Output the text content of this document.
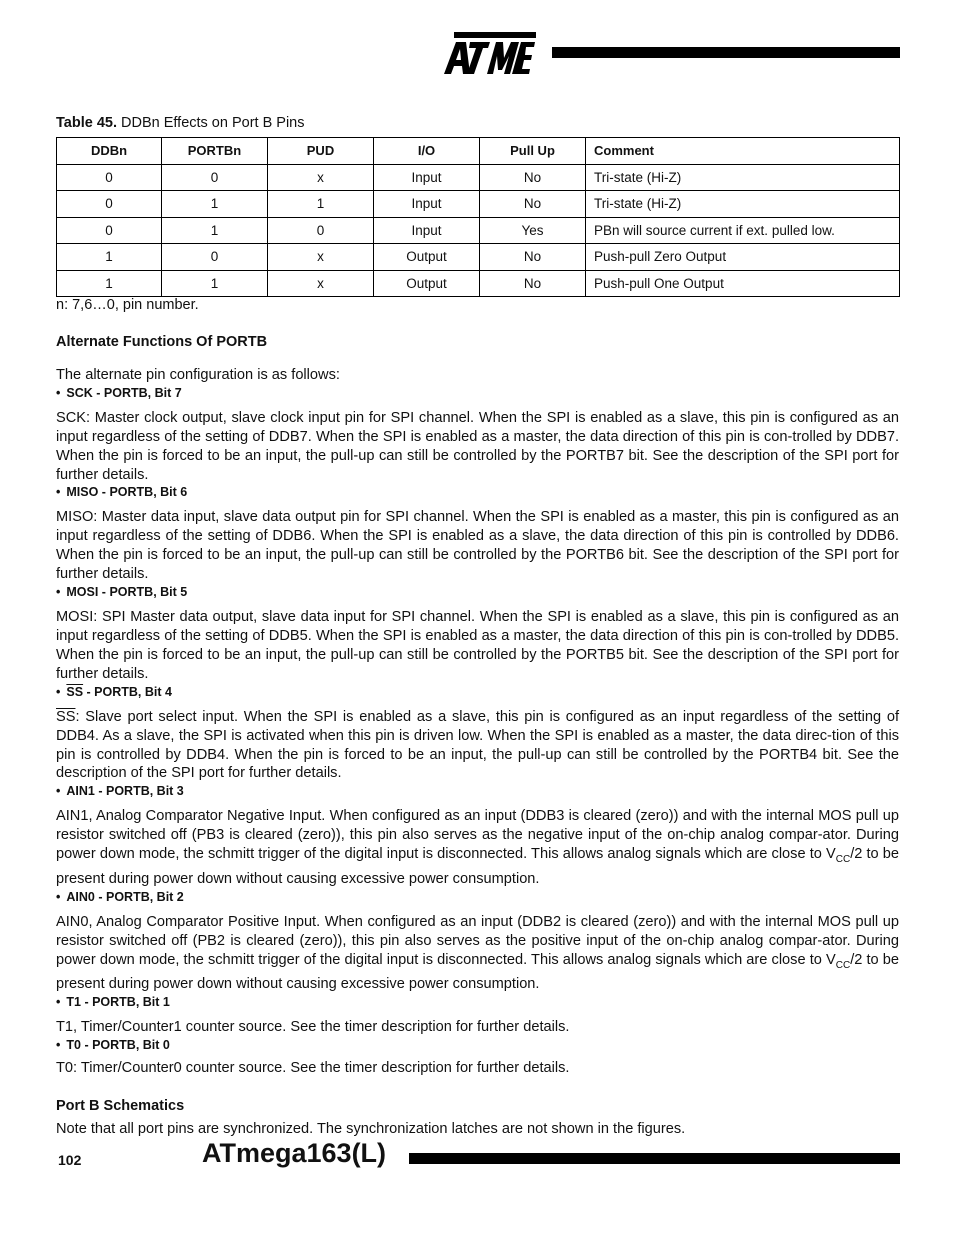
Table 45. DDBn Effects on Port B Pins
DDBn	PORTBn	PUD	I/O	Pull Up	Comment
0	0	x	Input	No	Tri-state (Hi-Z)
0	1	1	Input	No	Tri-state (Hi-Z)
0	1	0	Input	Yes	PBn will source current if ext. pulled low.
1	0	x	Output	No	Push-pull Zero Output
1	1	x	Output	No	Push-pull One Output
n: 7,6…0, pin number.
Alternate Functions Of PORTB

The alternate pin configuration is as follows:

• SCK - PORTB, Bit 7

SCK: Master clock output, slave clock input pin for SPI channel. When the SPI is enabled as a slave, this pin is configured as an input regardless of the setting of DDB7. When the SPI is enabled as a master, the data direction of this pin is con-trolled by DDB7. When the pin is forced to be an input, the pull-up can still be controlled by the PORTB7 bit. See the description of the SPI port for further details.

• MISO - PORTB, Bit 6

MISO: Master data input, slave data output pin for SPI channel. When the SPI is enabled as a master, this pin is configured as an input regardless of the setting of DDB6. When the SPI is enabled as a slave, the data direction of this pin is controlled by DDB6. When the pin is forced to be an input, the pull-up can still be controlled by the PORTB6 bit. See the description of the SPI port for further details.

• MOSI - PORTB, Bit 5

MOSI: SPI Master data output, slave data input for SPI channel. When the SPI is enabled as a slave, this pin is configured as an input regardless of the setting of DDB5. When the SPI is enabled as a master, the data direction of this pin is con-trolled by DDB5. When the pin is forced to be an input, the pull-up can still be controlled by the PORTB5 bit. See the description of the SPI port for further details.

• $\overline{SS}$ - PORTB, Bit 4

$\overline{SS}$: Slave port select input. When the SPI is enabled as a slave, this pin is configured as an input regardless of the setting of DDB4. As a slave, the SPI is activated when this pin is driven low. When the SPI is enabled as a master, the data direc-tion of this pin is controlled by DDB4. When the pin is forced to be an input, the pull-up can still be controlled by the PORTB4 bit. See the description of the SPI port for further details.

• AIN1 - PORTB, Bit 3

AIN1, Analog Comparator Negative Input. When configured as an input (DDB3 is cleared (zero)) and with the internal MOS pull up resistor switched off (PB3 is cleared (zero)), this pin also serves as the negative input of the on-chip analog compar-ator. During power down mode, the schmitt trigger of the digital input is disconnected. This allows analog signals which are close to $V_{CC}/2$ to be present during power down without causing excessive power consumption.

• AIN0 - PORTB, Bit 2

AIN0, Analog Comparator Positive Input. When configured as an input (DDB2 is cleared (zero)) and with the internal MOS pull up resistor switched off (PB2 is cleared (zero)), this pin also serves as the positive input of the on-chip analog compar-ator. During power down mode, the schmitt trigger of the digital input is disconnected. This allows analog signals which are close to $V_{CC}/2$ to be present during power down without causing excessive power consumption.

• T1 - PORTB, Bit 1

T1, Timer/Counter1 counter source. See the timer description for further details.

• T0 - PORTB, Bit 0

T0: Timer/Counter0 counter source. See the timer description for further details.

Port B Schematics

Note that all port pins are synchronized. The synchronization latches are not shown in the figures.

102	ATmega163(L)
